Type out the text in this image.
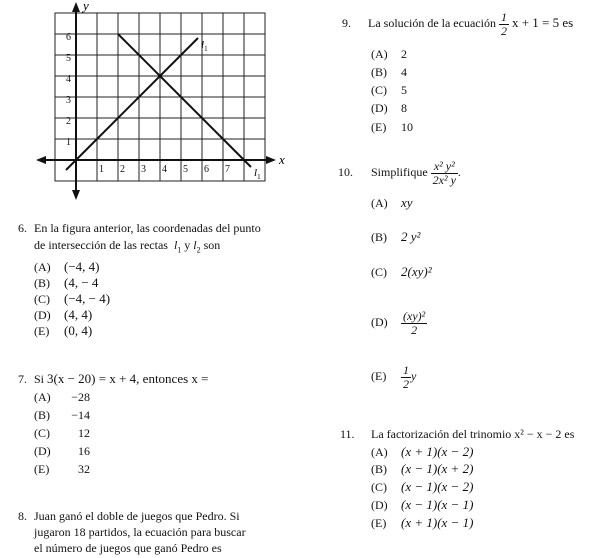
1 2 3 4 5 6 7
1
2
3
4
5
6
x
y
$l_1$
$l_1$
6. En la figura anterior, las coordenadas del punto
de intersección de las rectas $l_1$ y $l_2$ son
(A) (−4, 4)
(B) (4, − 4
(C) (−4, − 4)
(D) (4, 4)
(E) (0, 4)
7. Si 3(x − 20) = x + 4, entonces x =
(A) −28
(B) −14
(C) 12
(D) 16
(E) 32
8. Juan ganó el doble de juegos que Pedro. Si
jugaron 18 partidos, la ecuación para buscar
el número de juegos que ganó Pedro es
9. La solución de la ecuación $\frac{1}{2}$ x + 1 = 5 es
(A) 2
(B) 4
(C) 5
(D) 8
(E) 10
10. Simplifique $\frac{\text{x² y²}}{\text{2x² y}}$ .
(A) xy
(B) 2 y²
(C) 2(xy)²
$(D) \frac{\text{(xy)²}}{2}$
$(E) \frac{1}{2}$ y
11. La factorización del trinomio x² − x − 2 es
(A) (x + 1)(x − 2)
(B) (x − 1)(x + 2)
(C) (x − 1)(x − 2)
(D) (x − 1)(x − 1)
(E) (x + 1)(x − 1)
